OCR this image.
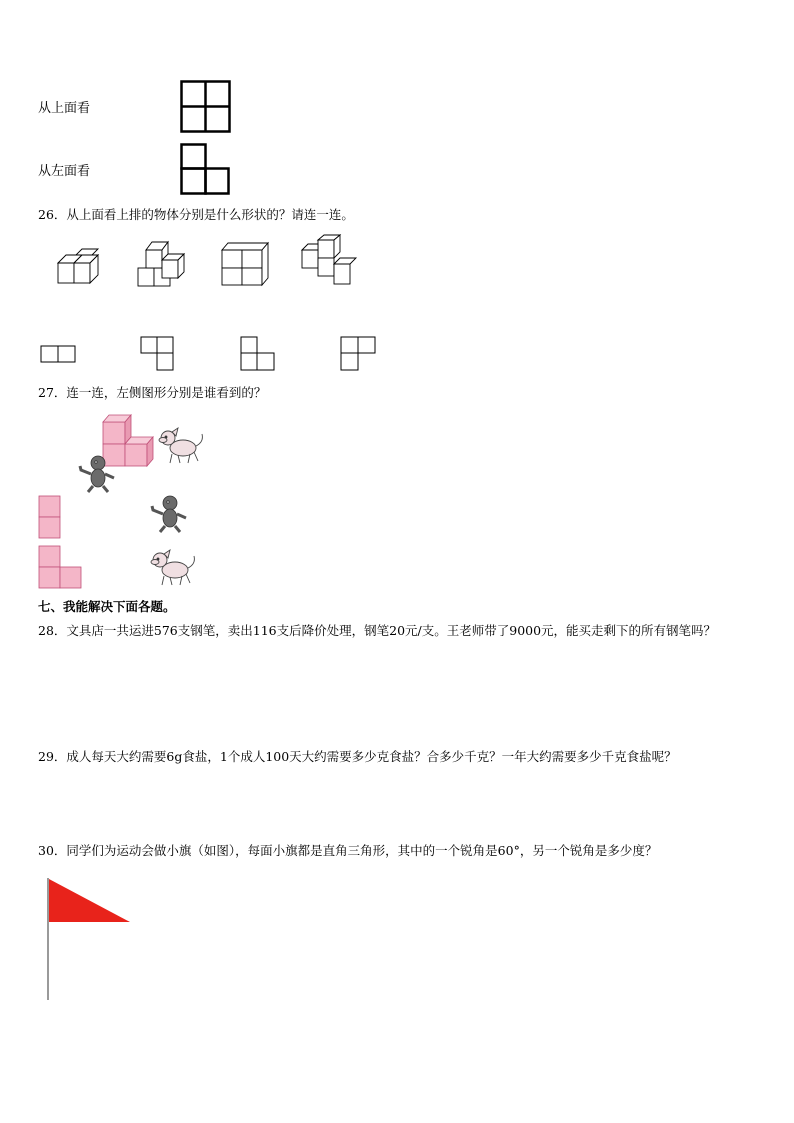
从上面看
从左面看
26．从上面看上排的物体分别是什么形状的？请连一连。
27．连一连，左侧图形分别是谁看到的？
七、我能解决下面各题。
28．文具店一共运进576支钢笔，卖出116支后降价处理，钢笔20元/支。王老师带了9000元，能买走剩下的所有钢笔吗？
29．成人每天大约需要6g食盐，1个成人100天大约需要多少克食盐？合多少千克？一年大约需要多少千克食盐呢？
30．同学们为运动会做小旗（如图），每面小旗都是直角三角形，其中的一个锐角是60°，另一个锐角是多少度？
